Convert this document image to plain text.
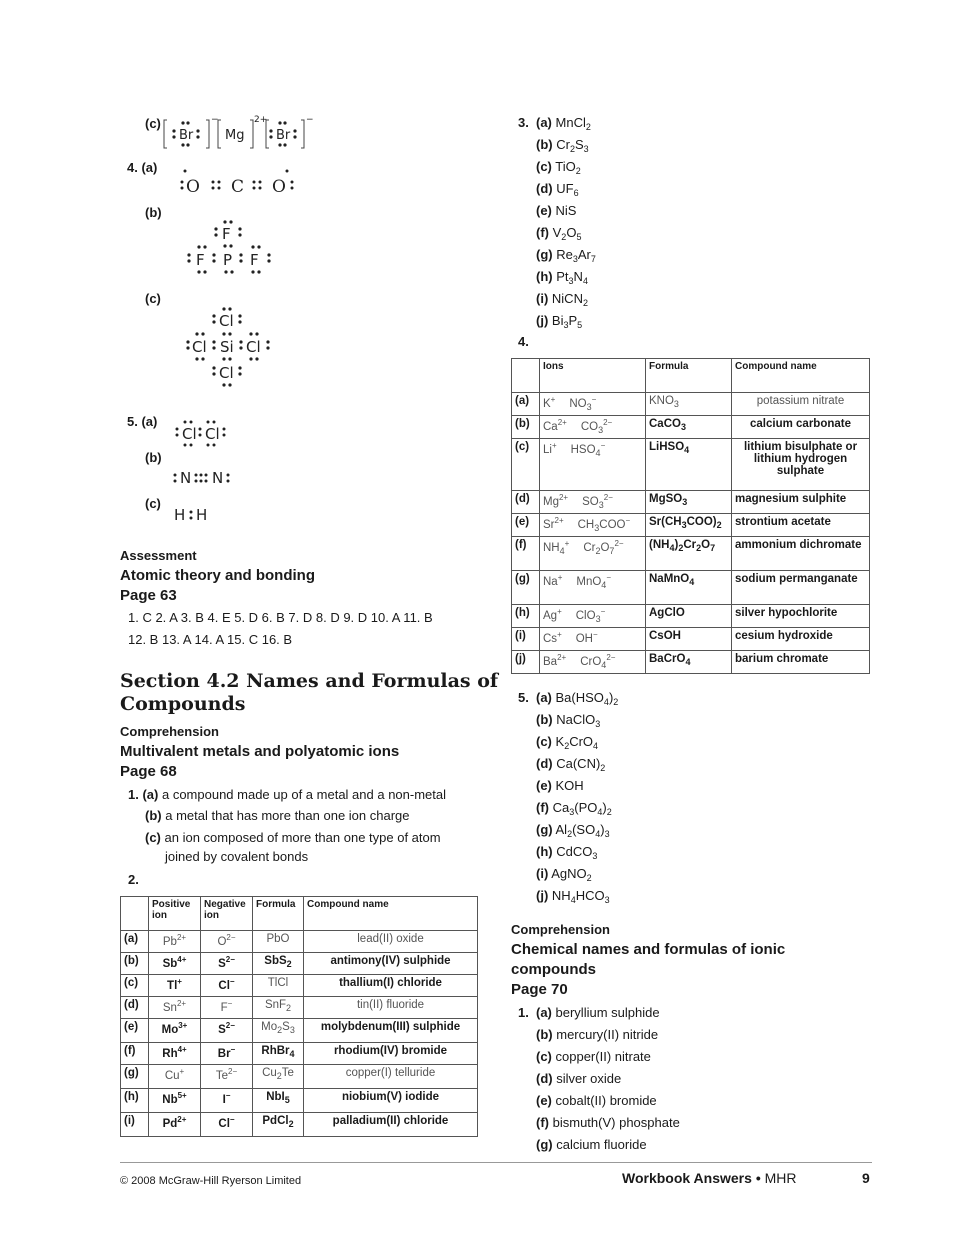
(c)
Br
−
Mg
2+
Br
−
4. (a)
O C O
(b)
F
F P F
(c)
Cl
Cl Si Cl
Cl
5. (a)
Cl Cl
(b)
N N
(c)
H H
Assessment
Atomic theory and bonding
Page 63
1. C 2. A 3. B 4. E 5. D 6. B 7. D 8. D 9. D 10. A 11. B
12. B 13. A 14. A 15. C 16. B
Section 4.2 Names and Formulas of
Compounds
Comprehension
Multivalent metals and polyatomic ions
Page 68
1. (a) a compound made up of a metal and a non-metal
(b) a metal that has more than one ion charge
(c) an ion composed of more than one type of atom
joined by covalent bonds
2.
	Positive ion	Negative ion	Formula	Compound name
(a)	$Pb^{2+}$	$O^{2-}$	PbO	lead(II) oxide
(b)	$Sb^{4+}$	$S^{2-}$	SbS$_2$	antimony(IV) sulphide
(c)	Tl+	Cl−	TlCl	thallium(I) chloride
(d)	$Sn^{2+}$	F−	SnF$_2$	tin(II) fluoride
(e)	$Mo^{3+}$	$S^{2-}$	$Mo_2S_3$	molybdenum(III) sulphide
(f)	$Rh^{4+}$	Br−	RhBr$_4$	rhodium(IV) bromide
(g)	Cu+	$Te^{2-}$	$Cu_2Te$	copper(I) telluride
(h)	$Nb^{5+}$	I−	NbI$_5$	niobium(V) iodide
(i)	$Pd^{2+}$	Cl−	PdCl$_2$	palladium(II) chloride
3. (a) MnCl$_2$
(b) $Cr_2S_3$
(c) TiO$_2$
(d) $UF_6$
(e) NiS
(f) $V_2O_5$
(g) $Re_3Ar_7$
(h) $Pt_3N_4$
(i) NiCN$_2$
(j) $Bi_3P_5$
4.
	Ions	Formula	Compound name
(a)	K+ $NO_3^-$	$KNO_3$	potassium nitrate
(b)	$Ca^{2+}$ $CO_3^{2-}$	CaCO$_3$	calcium carbonate
(c)	Li+ $HSO_4^-$	LiHSO$_4$	lithium bisulphate or lithium hydrogen sulphate
(d)	$Mg^{2+}$ $SO_3^{2-}$	MgSO$_3$	magnesium sulphite
(e)	$Sr^{2+}$ $CH_3COO^-$	$Sr(CH_3COO)_2$	strontium acetate
(f)	$NH_4^+$ $Cr_2O_7^{2-}$	$(NH_4)_2Cr_2O_7$	ammonium dichromate
(g)	Na+ MnO$_4$−	NaMnO$_4$	sodium permanganate
(h)	Ag+ ClO$_3$−	AgClO	silver hypochlorite
(i)	Cs+ OH−	CsOH	cesium hydroxide
(j)	$Ba^{2+}$ CrO$_4^{2-}$	BaCrO$_4$	barium chromate
5. (a) $Ba(HSO_4)_2$
(b) NaClO$_3$
(c) $K_2CrO_4$
(d) $Ca(CN)_2$
(e) KOH
(f) $Ca_3(PO_4)_2$
(g) $Al_2(SO_4)_3$
(h) CdCO$_3$
(i) AgNO$_2$
(j) $NH_4HCO_3$
Comprehension
Chemical names and formulas of ionic
compounds
Page 70
1. (a) beryllium sulphide
(b) mercury(II) nitride
(c) copper(II) nitrate
(d) silver oxide
(e) cobalt(II) bromide
(f) bismuth(V) phosphate
(g) calcium fluoride
© 2008 McGraw-Hill Ryerson Limited	Workbook Answers • MHR	9
